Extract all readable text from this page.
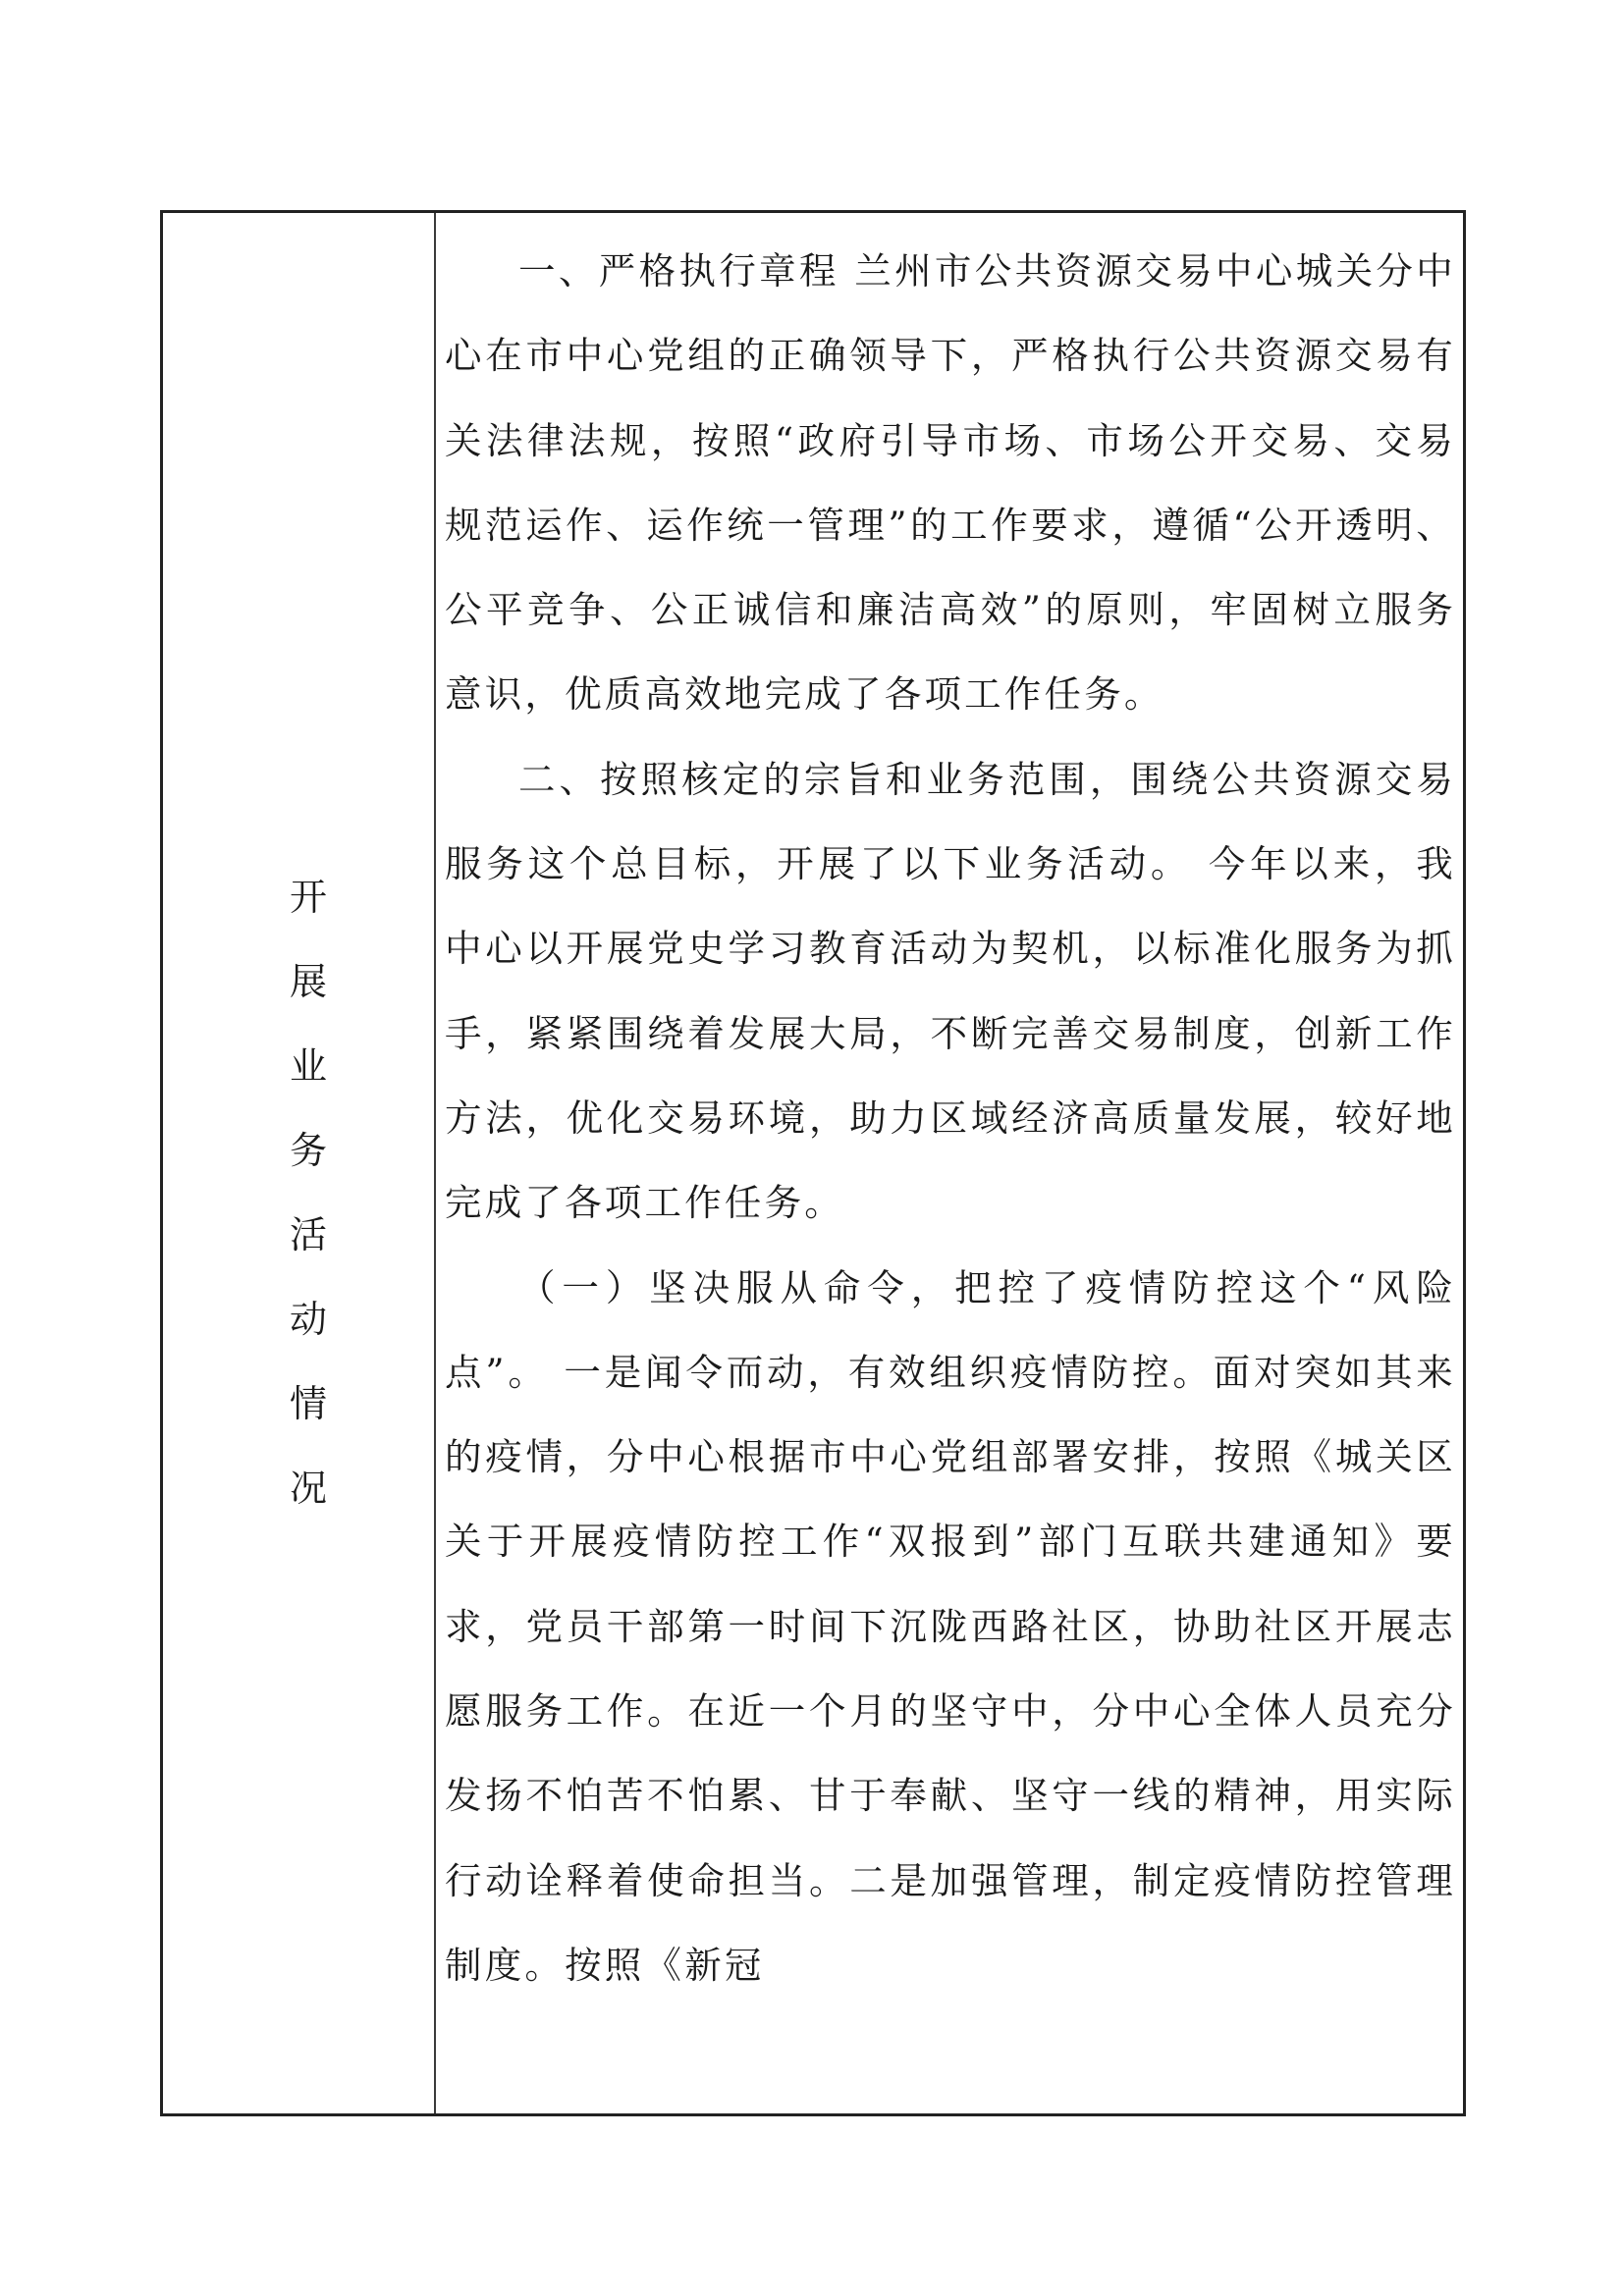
开
展
业
务
活
动
情
况

一、严格执行章程 兰州市公共资源交易中心城关分中心在市中心党组的正确领导下，严格执行公共资源交易有关法律法规，按照“政府引导市场、市场公开交易、交易规范运作、运作统一管理”的工作要求，遵循“公开透明、公平竞争、公正诚信和廉洁高效”的原则，牢固树立服务意识，优质高效地完成了各项工作任务。

二、按照核定的宗旨和业务范围，围绕公共资源交易服务这个总目标，开展了以下业务活动。 今年以来，我中心以开展党史学习教育活动为契机，以标准化服务为抓手，紧紧围绕着发展大局，不断完善交易制度，创新工作方法，优化交易环境，助力区域经济高质量发展，较好地完成了各项工作任务。

（一）坚决服从命令，把控了疫情防控这个“风险点”。 一是闻令而动，有效组织疫情防控。面对突如其来的疫情，分中心根据市中心党组部署安排，按照《城关区关于开展疫情防控工作“双报到”部门互联共建通知》要求，党员干部第一时间下沉陇西路社区，协助社区开展志愿服务工作。在近一个月的坚守中，分中心全体人员充分发扬不怕苦不怕累、甘于奉献、坚守一线的精神，用实际行动诠释着使命担当。二是加强管理，制定疫情防控管理制度。按照《新冠
